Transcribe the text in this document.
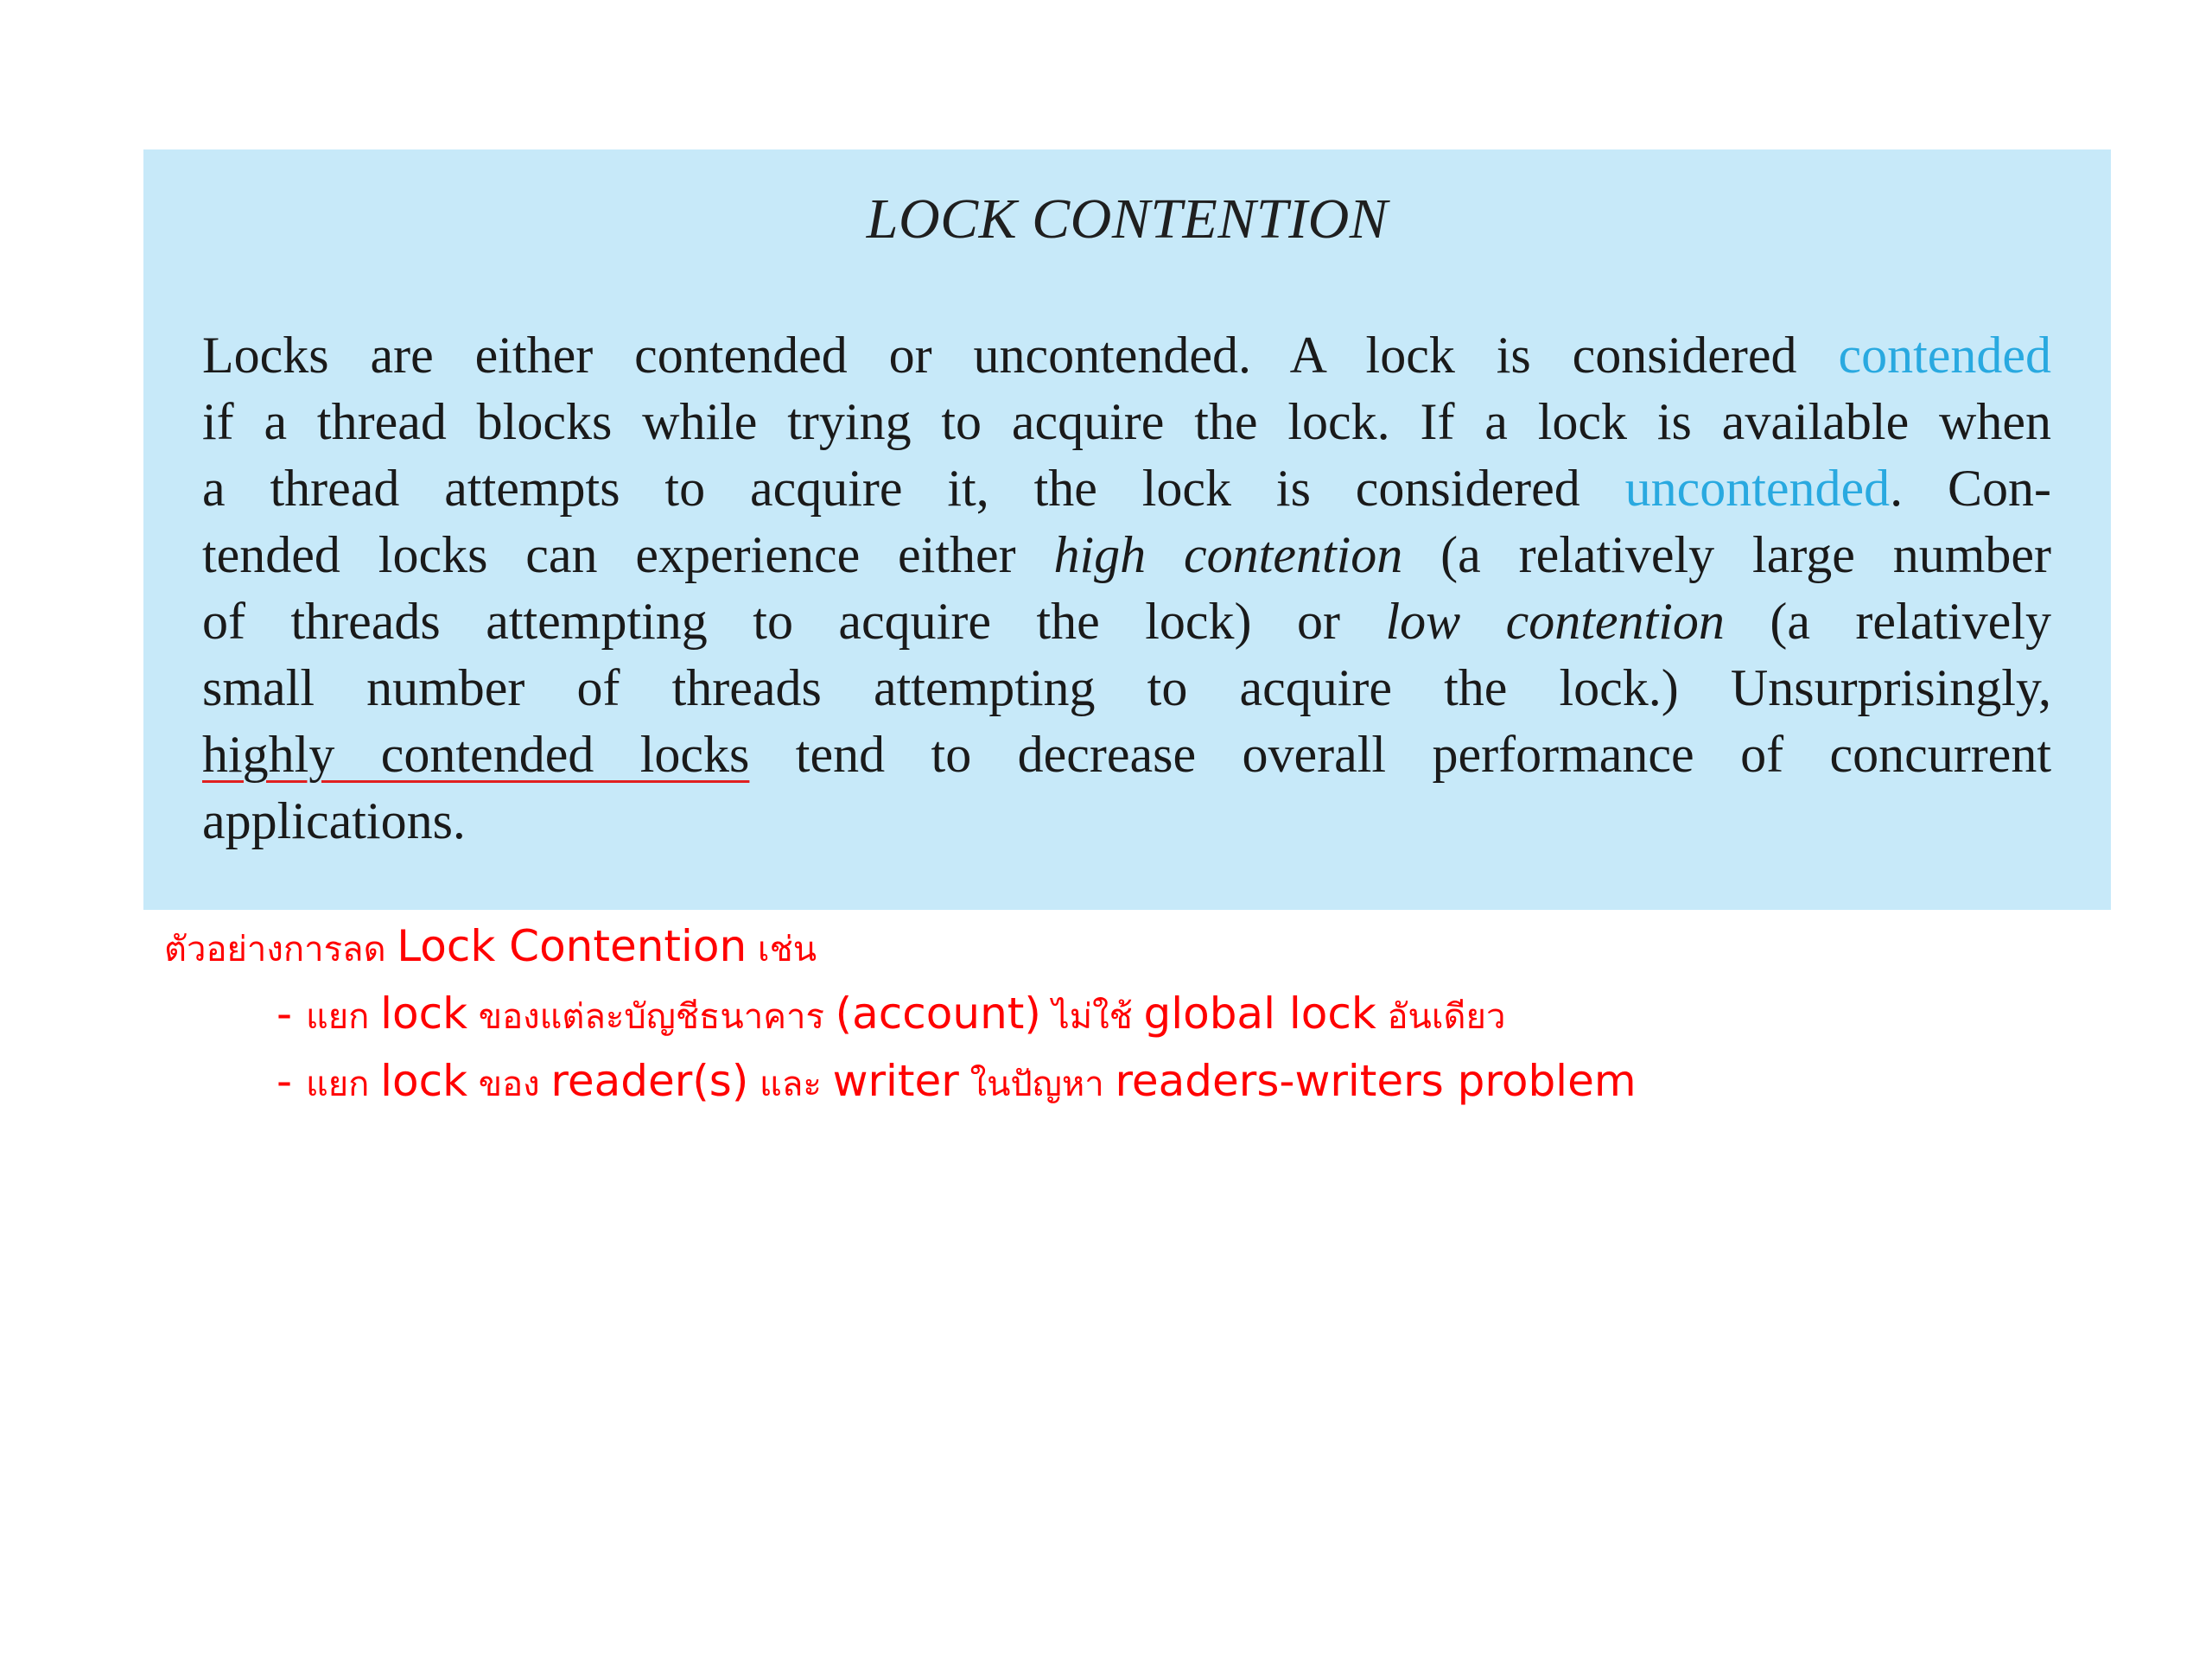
LOCK CONTENTION
Locks are either contended or uncontended. A lock is considered contended
if a thread blocks while trying to acquire the lock. If a lock is available when
a thread attempts to acquire it, the lock is considered uncontended. Con-
tended locks can experience either high contention (a relatively large number
of threads attempting to acquire the lock) or low contention (a relatively
small number of threads attempting to acquire the lock.) Unsurprisingly,
highly contended locks tend to decrease overall performance of concurrent
applications.
ตัวอย่างการลด Lock Contention เช่น
- แยก lock ของแต่ละบัญชีธนาคาร (account) ไม่ใช้ global lock อันเดียว
- แยก lock ของ reader(s) และ writer ในปัญหา readers-writers problem
